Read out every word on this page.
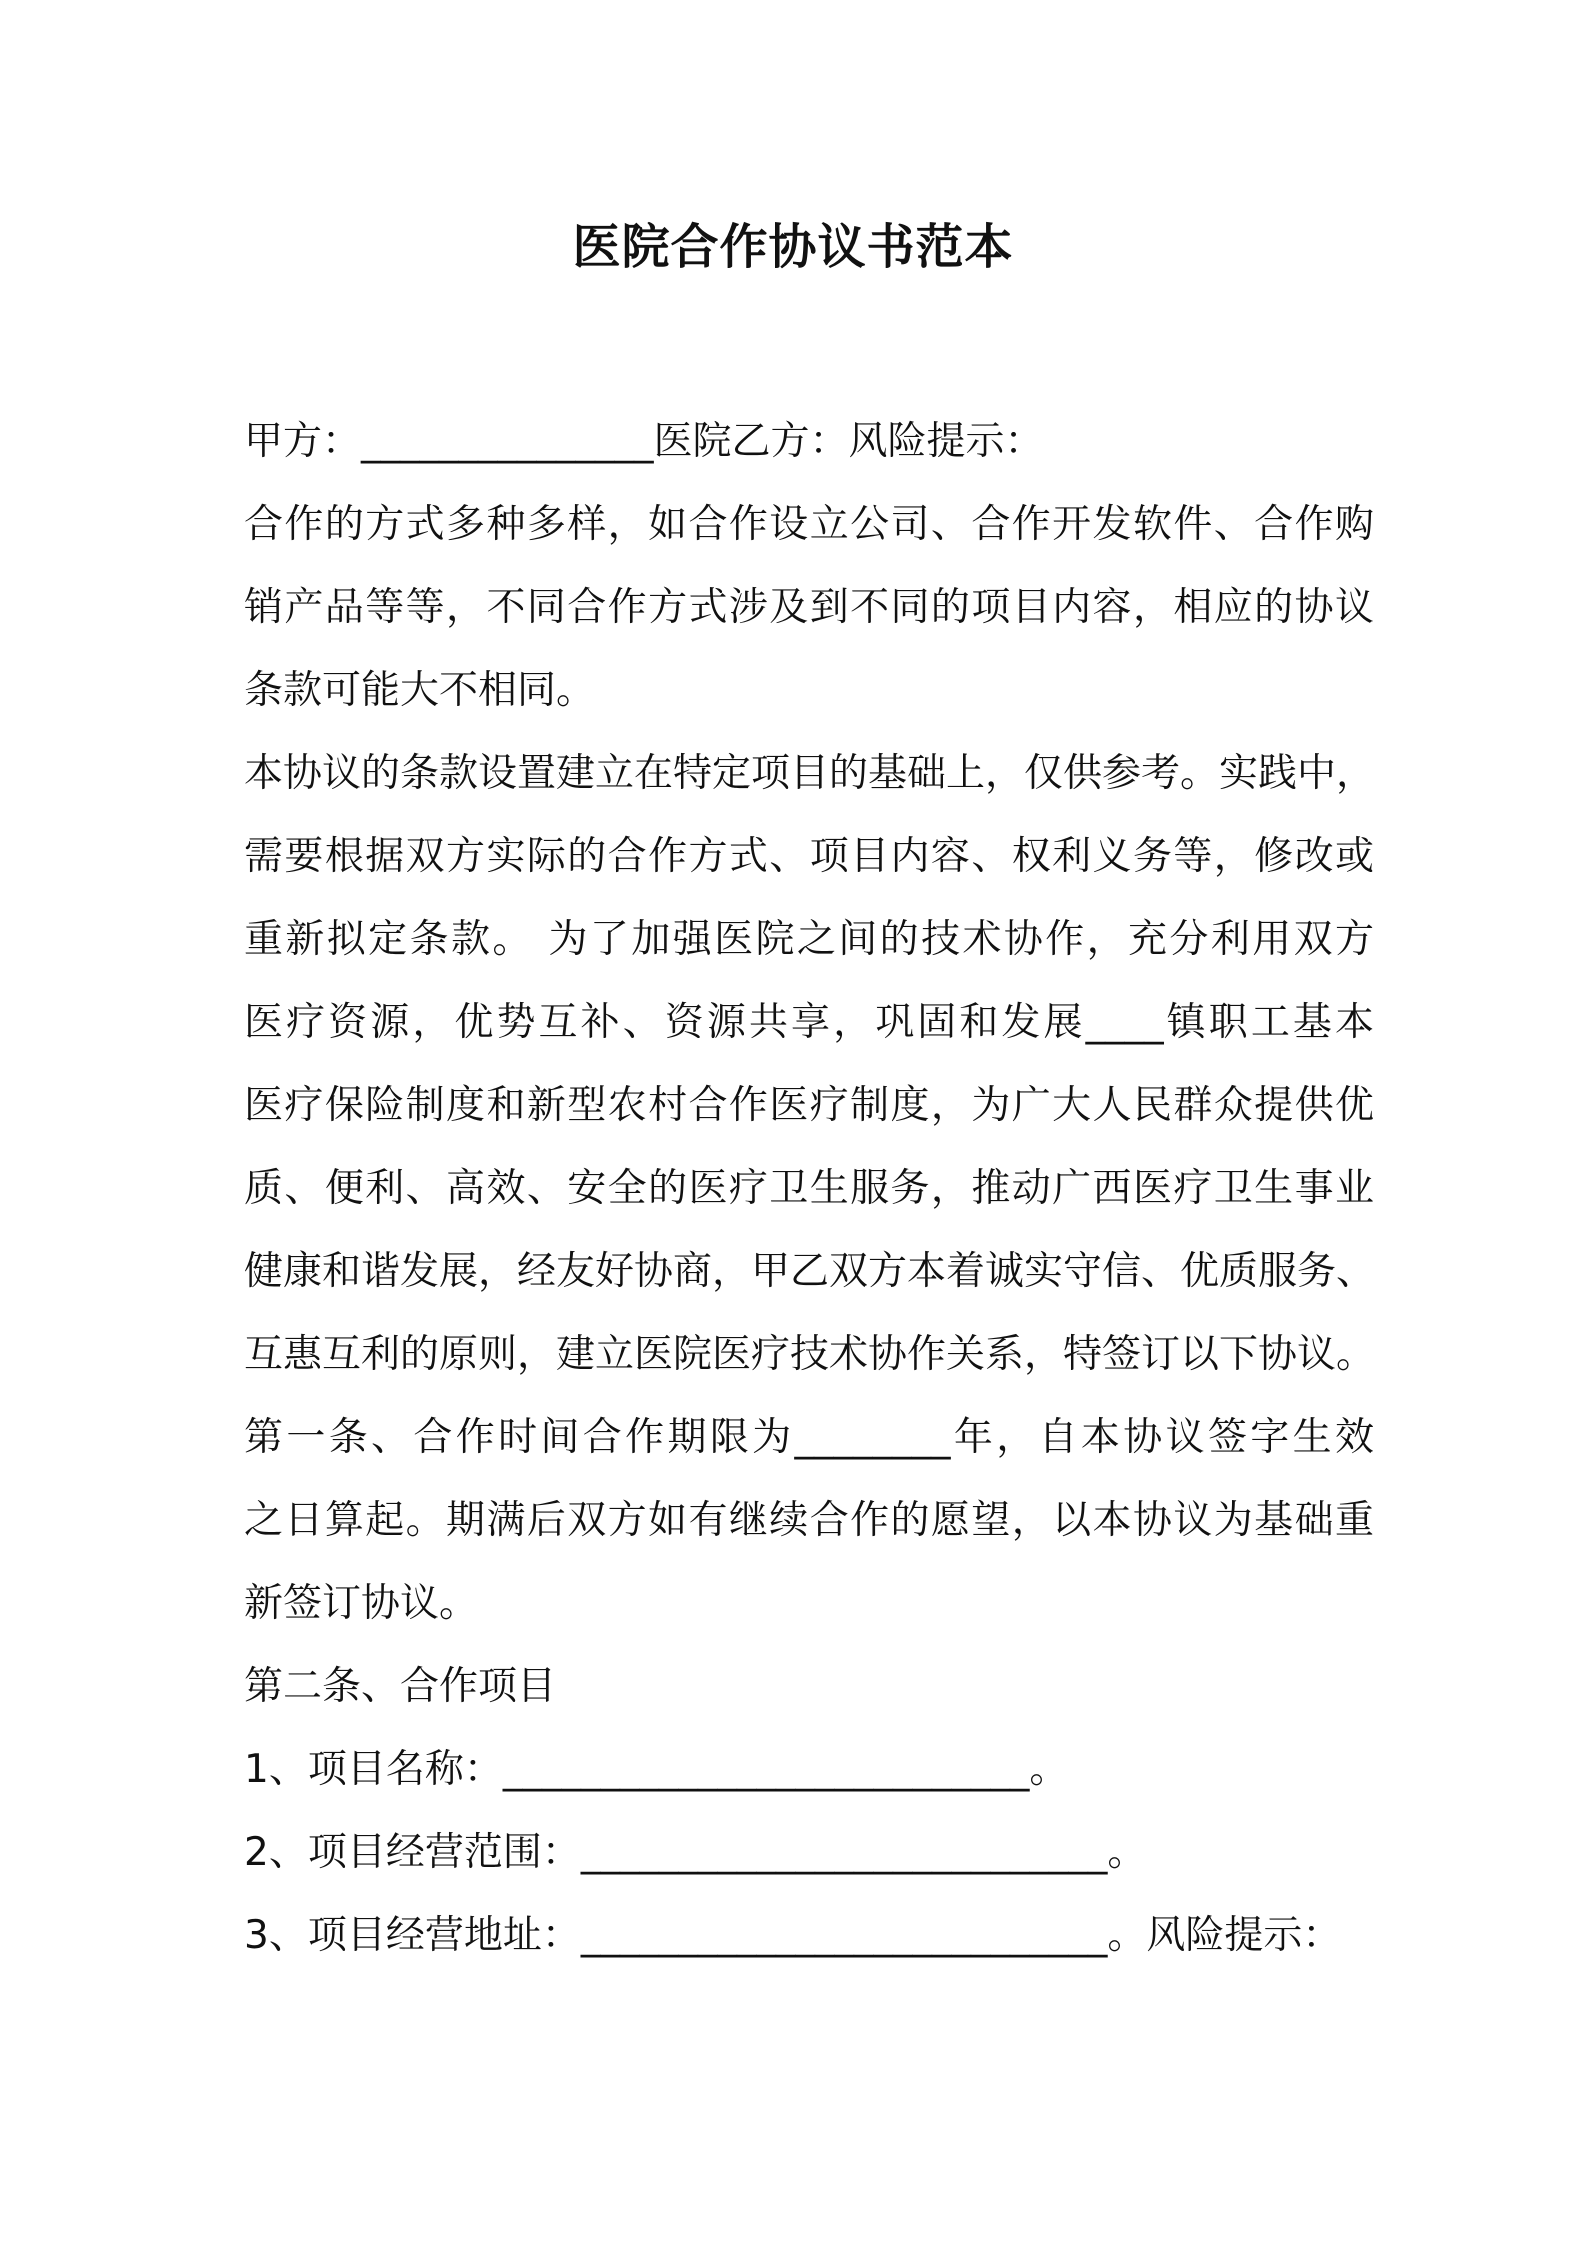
医院合作协议书范本
甲方：_______________医院乙方：风险提示：
合作的方式多种多样，如合作设立公司、合作开发软件、合作购
销产品等等，不同合作方式涉及到不同的项目内容，相应的协议
条款可能大不相同。
本协议的条款设置建立在特定项目的基础上，仅供参考。实践中，
需要根据双方实际的合作方式、项目内容、权利义务等，修改或
重新拟定条款。 为了加强医院之间的技术协作，充分利用双方
医疗资源，优势互补、资源共享，巩固和发展____镇职工基本
医疗保险制度和新型农村合作医疗制度，为广大人民群众提供优
质、便利、高效、安全的医疗卫生服务，推动广西医疗卫生事业
健康和谐发展，经友好协商，甲乙双方本着诚实守信、优质服务、
互惠互利的原则，建立医院医疗技术协作关系，特签订以下协议。
第一条、合作时间合作期限为________年，自本协议签字生效
之日算起。期满后双方如有继续合作的愿望，以本协议为基础重
新签订协议。
第二条、合作项目
1、项目名称：___________________________。
2、项目经营范围：___________________________。
3、项目经营地址：___________________________。风险提示：
